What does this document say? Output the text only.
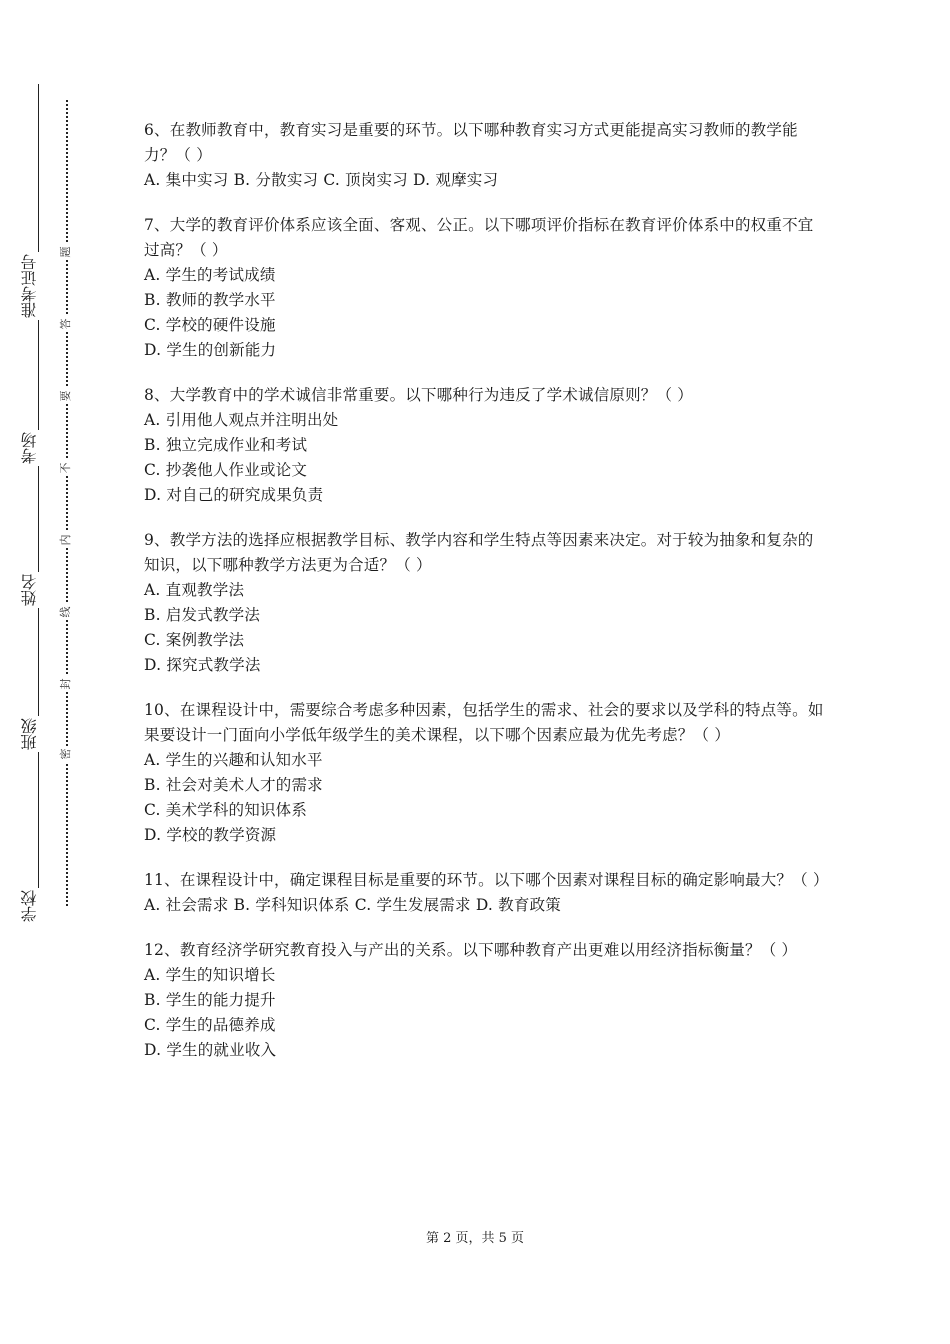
准考证号
考场
姓名
班级
学校
题
答
要
不
内
线
封
密
6、在教师教育中，教育实习是重要的环节。以下哪种教育实习方式更能提高实习教师的教学能力？（ ）
A. 集中实习 B. 分散实习 C. 顶岗实习 D. 观摩实习
7、大学的教育评价体系应该全面、客观、公正。以下哪项评价指标在教育评价体系中的权重不宜过高？（ ）
A. 学生的考试成绩
B. 教师的教学水平
C. 学校的硬件设施
D. 学生的创新能力
8、大学教育中的学术诚信非常重要。以下哪种行为违反了学术诚信原则？（ ）
A. 引用他人观点并注明出处
B. 独立完成作业和考试
C. 抄袭他人作业或论文
D. 对自己的研究成果负责
9、教学方法的选择应根据教学目标、教学内容和学生特点等因素来决定。对于较为抽象和复杂的知识，以下哪种教学方法更为合适？（ ）
A. 直观教学法
B. 启发式教学法
C. 案例教学法
D. 探究式教学法
10、在课程设计中，需要综合考虑多种因素，包括学生的需求、社会的要求以及学科的特点等。如果要设计一门面向小学低年级学生的美术课程，以下哪个因素应最为优先考虑？（ ）
A. 学生的兴趣和认知水平
B. 社会对美术人才的需求
C. 美术学科的知识体系
D. 学校的教学资源
11、在课程设计中，确定课程目标是重要的环节。以下哪个因素对课程目标的确定影响最大？（ ）
A. 社会需求 B. 学科知识体系 C. 学生发展需求 D. 教育政策
12、教育经济学研究教育投入与产出的关系。以下哪种教育产出更难以用经济指标衡量？（ ）
A. 学生的知识增长
B. 学生的能力提升
C. 学生的品德养成
D. 学生的就业收入
第 2 页，共 5 页
